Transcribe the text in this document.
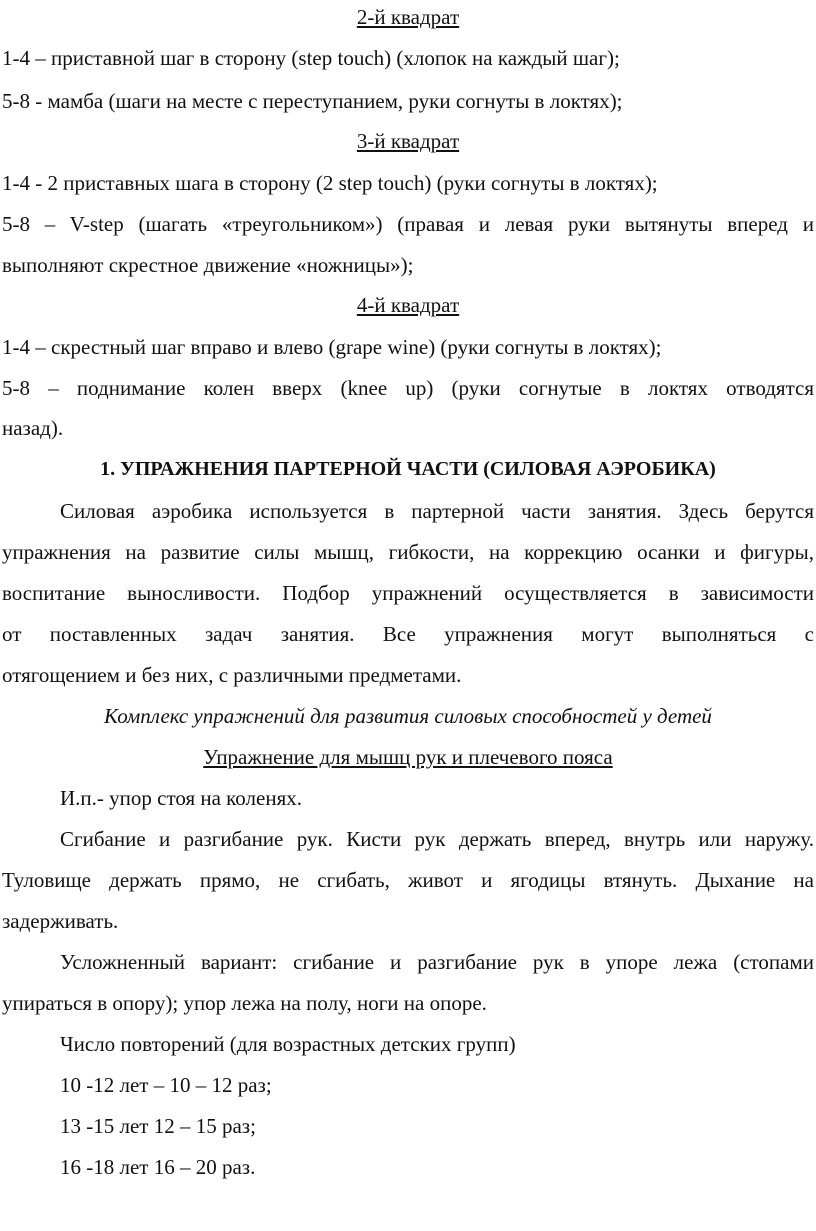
2-й квадрат
1-4 – приставной шаг в сторону (step touch) (хлопок на каждый шаг);
5-8 - мамба (шаги на месте с переступанием, руки согнуты в локтях);
3-й квадрат
1-4 - 2 приставных шага в сторону (2 step touch) (руки согнуты в локтях);
5-8 – V-step (шагать «треугольником») (правая и левая руки вытянуты вперед и
выполняют скрестное движение «ножницы»);
4-й квадрат
1-4 – скрестный шаг вправо и влево (grape wine) (руки согнуты в локтях);
5-8 – поднимание колен вверх (knee up) (руки согнутые в локтях отводятся
назад).
1. УПРАЖНЕНИЯ ПАРТЕРНОЙ ЧАСТИ (СИЛОВАЯ АЭРОБИКА)
Силовая аэробика используется в партерной части занятия. Здесь берутся
упражнения на развитие силы мышц, гибкости, на коррекцию осанки и фигуры,
воспитание выносливости. Подбор упражнений осуществляется в зависимости
от поставленных задач занятия. Все упражнения могут выполняться с
отягощением и без них, с различными предметами.
Комплекс упражнений для развития силовых способностей у детей
Упражнение для мышц рук и плечевого пояса
И.п.- упор стоя на коленях.
Сгибание и разгибание рук. Кисти рук держать вперед, внутрь или наружу.
Туловище держать прямо, не сгибать, живот и ягодицы втянуть. Дыхание на
задерживать.
Усложненный вариант: сгибание и разгибание рук в упоре лежа (стопами
упираться в опору); упор лежа на полу, ноги на опоре.
Число повторений (для возрастных детских групп)
10 -12 лет – 10 – 12 раз;
13 -15 лет 12 – 15 раз;
16 -18 лет 16 – 20 раз.
